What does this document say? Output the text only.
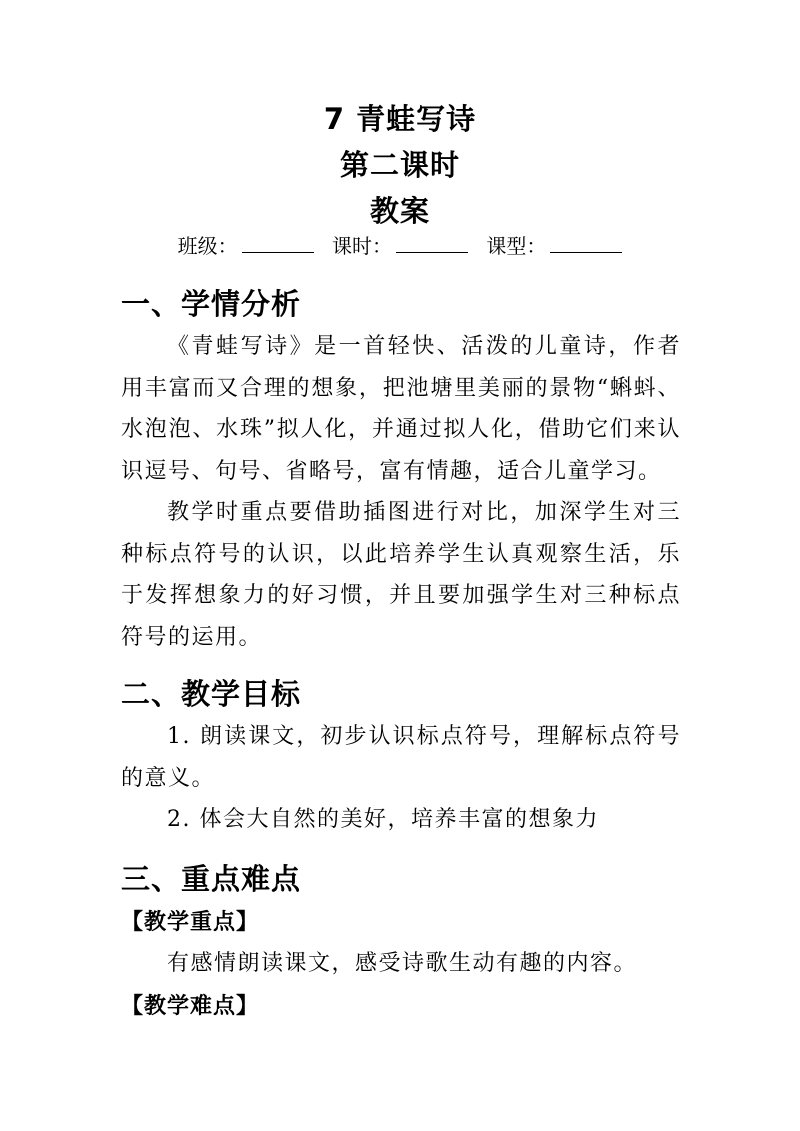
7 青蛙写诗
第二课时
教案
班级：	课时：	课型：
一、学情分析

《青蛙写诗》是一首轻快、活泼的儿童诗，作者用丰富而又合理的想象，把池塘里美丽的景物“蝌蚪、水泡泡、水珠”拟人化，并通过拟人化，借助它们来认识逗号、句号、省略号，富有情趣，适合儿童学习。

教学时重点要借助插图进行对比，加深学生对三种标点符号的认识，以此培养学生认真观察生活，乐于发挥想象力的好习惯，并且要加强学生对三种标点符号的运用。

二、教学目标

1. 朗读课文，初步认识标点符号，理解标点符号的意义。

2. 体会大自然的美好，培养丰富的想象力

三、重点难点
【教学重点】

有感情朗读课文，感受诗歌生动有趣的内容。

【教学难点】
